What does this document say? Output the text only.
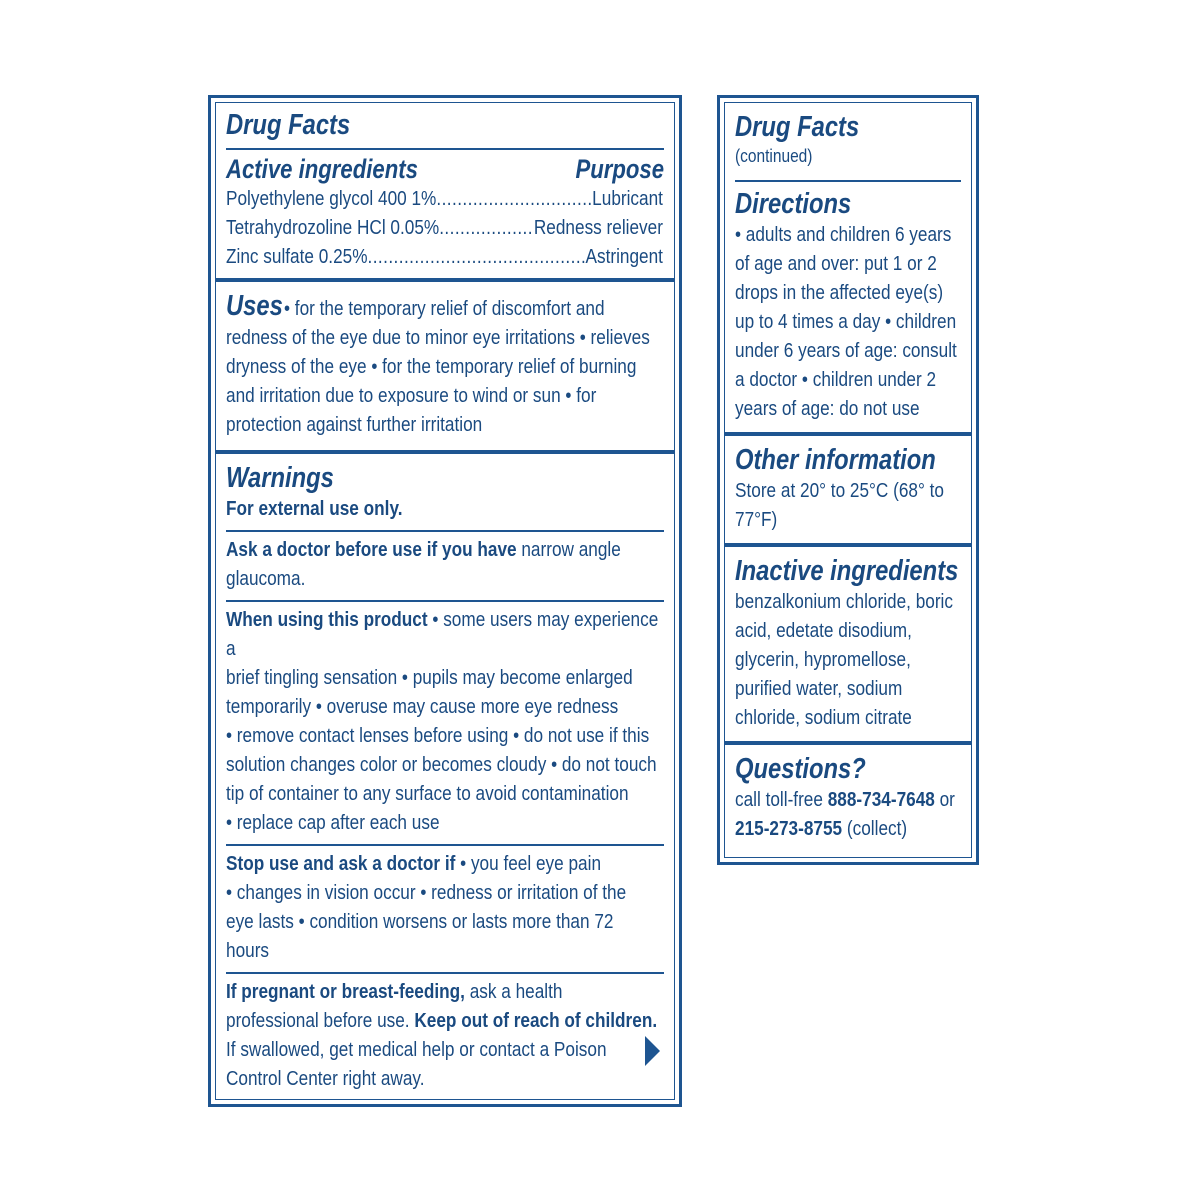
Drug Facts
Active ingredients	Purpose
Polyethylene glycol 400 1% .....	Lubricant
Tetrahydrozoline HCl 0.05% .....	Redness reliever
Zinc sulfate 0.25% .....	Astringent
Uses • for the temporary relief of discomfort and
redness of the eye due to minor eye irritations • relieves
dryness of the eye • for the temporary relief of burning
and irritation due to exposure to wind or sun • for
protection against further irritation
Warnings
For external use only.
Ask a doctor before use if you have narrow angle
glaucoma.
When using this product • some users may experience a
brief tingling sensation • pupils may become enlarged
temporarily • overuse may cause more eye redness
• remove contact lenses before using • do not use if this
solution changes color or becomes cloudy • do not touch
tip of container to any surface to avoid contamination
• replace cap after each use
Stop use and ask a doctor if • you feel eye pain
• changes in vision occur • redness or irritation of the
eye lasts • condition worsens or lasts more than 72
hours
If pregnant or breast-feeding, ask a health
professional before use. Keep out of reach of children.
If swallowed, get medical help or contact a Poison
Control Center right away.
Drug Facts
(continued)
Directions
• adults and children 6 years
of age and over: put 1 or 2
drops in the affected eye(s)
up to 4 times a day • children
under 6 years of age: consult
a doctor • children under 2
years of age: do not use
Other information
Store at 20° to 25°C (68° to
77°F)
Inactive ingredients
benzalkonium chloride, boric
acid, edetate disodium,
glycerin, hypromellose,
purified water, sodium
chloride, sodium citrate
Questions?
call toll-free 888-734-7648 or
215-273-8755 (collect)
